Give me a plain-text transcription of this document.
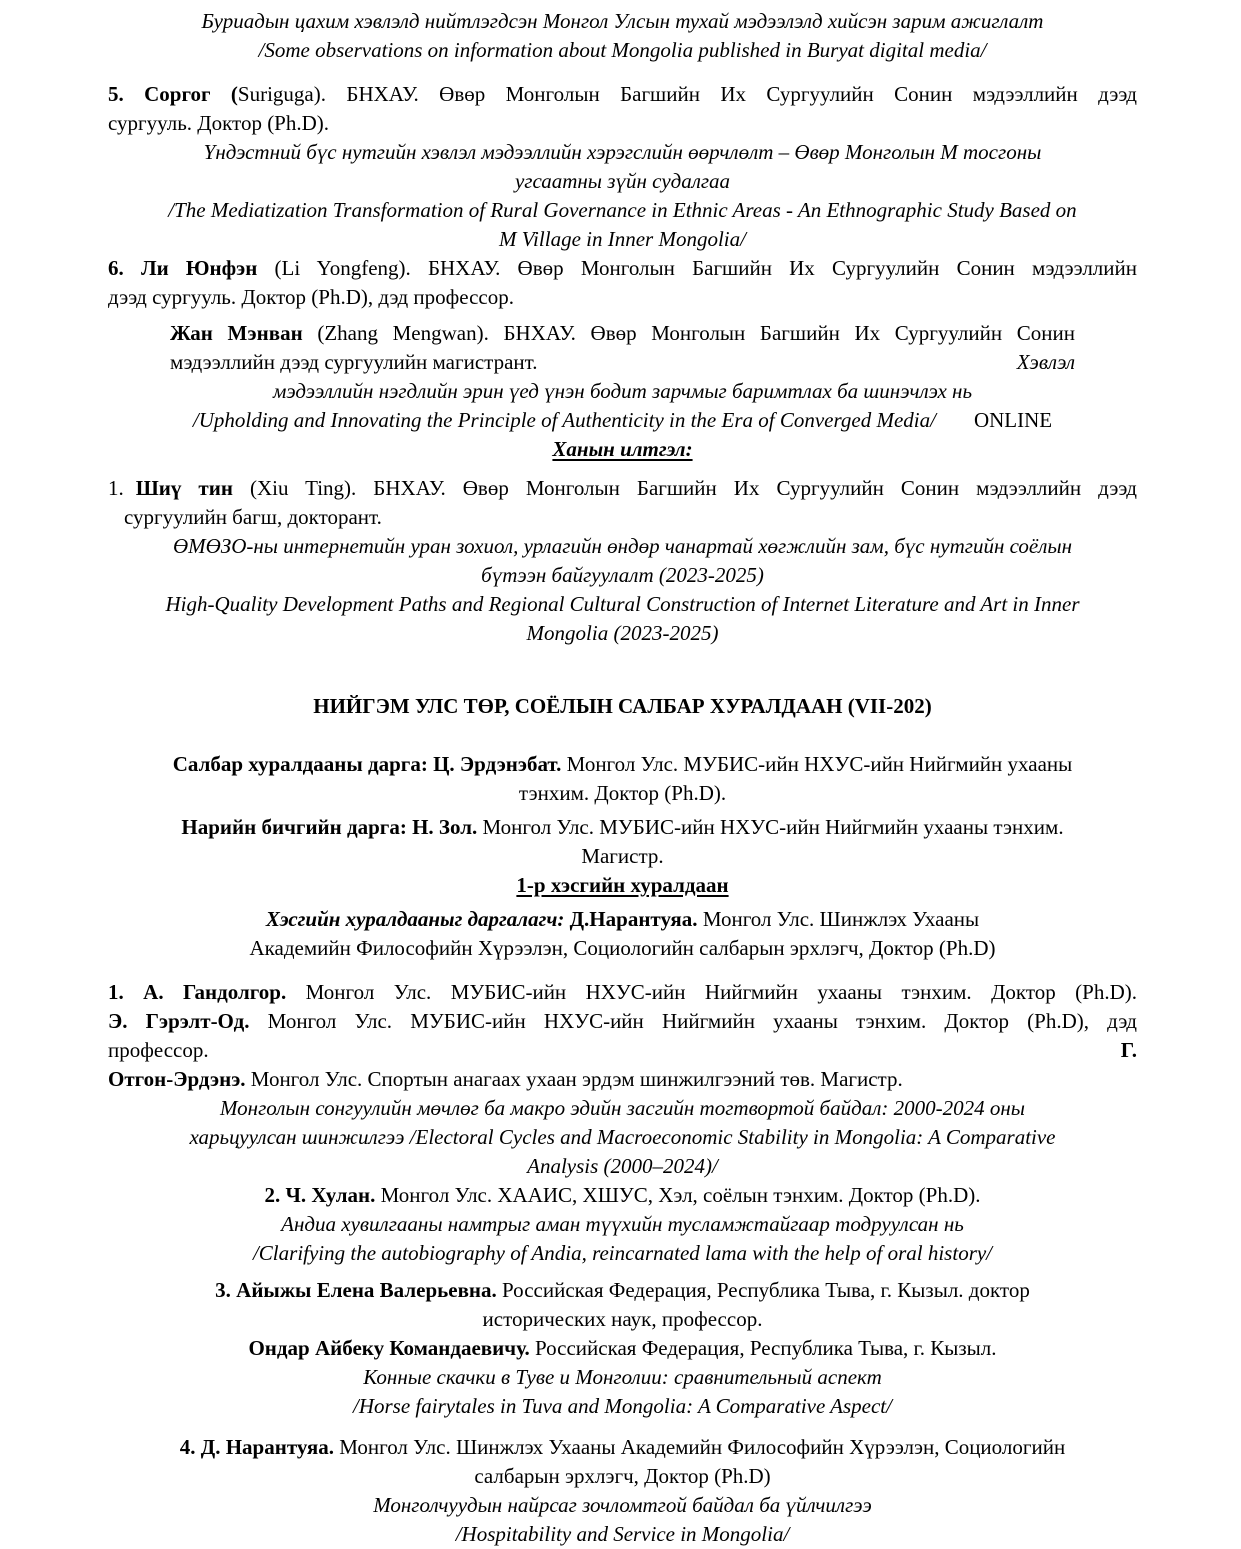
Буриадын цахим хэвлэлд нийтлэгдсэн Монгол Улсын тухай мэдээлэлд хийсэн зарим ажиглалт
/Some observations on information about Mongolia published in Buryat digital media/
5. Соргог (Suriguga). БНХАУ. Өвөр Монголын Багшийн Их Сургуулийн Сонин мэдээллийн дээд
сургууль. Доктор (Ph.D).
Үндэстний бүс нутгийн хэвлэл мэдээллийн хэрэгслийн өөрчлөлт – Өвөр Монголын М тосгоны
угсаатны зүйн судалгаа
/The Mediatization Transformation of Rural Governance in Ethnic Areas - An Ethnographic Study Based on
M Village in Inner Mongolia/
6. Ли Юнфэн (Li Yongfeng). БНХАУ. Өвөр Монголын Багшийн Их Сургуулийн Сонин мэдээллийн
дээд сургууль. Доктор (Ph.D), дэд профессор.
Жан Мэнван (Zhang Mengwan). БНХАУ. Өвөр Монголын Багшийн Их Сургуулийн Сонин
мэдээллийн дээд сургуулийн магистрант.	Хэвлэл
мэдээллийн нэгдлийн эрин үед үнэн бодит зарчмыг баримтлах ба шинэчлэх нь
/Upholding and Innovating the Principle of Authenticity in the Era of Converged Media/ ONLINE
Ханын илтгэл:
1. Шиү тин (Xiu Ting). БНХАУ. Өвөр Монголын Багшийн Их Сургуулийн Сонин мэдээллийн дээд
сургуулийн багш, докторант.
ӨМӨЗО-ны интернетийн уран зохиол, урлагийн өндөр чанартай хөгжлийн зам, бүс нутгийн соёлын
бүтээн байгуулалт (2023-2025)
High-Quality Development Paths and Regional Cultural Construction of Internet Literature and Art in Inner
Mongolia (2023-2025)
НИЙГЭМ УЛС ТӨР, СОЁЛЫН САЛБАР ХУРАЛДААН (VII-202)
Салбар хуралдааны дарга: Ц. Эрдэнэбат. Монгол Улс. МУБИС-ийн НХУС-ийн Нийгмийн ухааны
тэнхим. Доктор (Ph.D).
Нарийн бичгийн дарга: Н. Зол. Монгол Улс. МУБИС-ийн НХУС-ийн Нийгмийн ухааны тэнхим.
Магистр.
1-р хэсгийн хуралдаан
Хэсгийн хуралдааныг даргалагч: Д.Нарантуяа. Монгол Улс. Шинжлэх Ухааны
Академийн Философийн Хүрээлэн, Социологийн салбарын эрхлэгч, Доктор (Ph.D)
1. А. Гандолгор. Монгол Улс. МУБИС-ийн НХУС-ийн Нийгмийн ухааны тэнхим. Доктор (Ph.D).
Э. Гэрэлт-Од. Монгол Улс. МУБИС-ийн НХУС-ийн Нийгмийн ухааны тэнхим. Доктор (Ph.D), дэд
профессор.	Г.
Отгон-Эрдэнэ. Монгол Улс. Спортын анагаах ухаан эрдэм шинжилгээний төв. Магистр.
Монголын сонгуулийн мөчлөг ба макро эдийн засгийн тогтвортой байдал: 2000-2024 оны
харьцуулсан шинжилгээ /Electoral Cycles and Macroeconomic Stability in Mongolia: A Comparative
Analysis (2000–2024)/
2. Ч. Хулан. Монгол Улс. ХААИС, ХШУС, Хэл, соёлын тэнхим. Доктор (Ph.D).
Андиа хувилгааны намтрыг аман түүхийн тусламжтайгаар тодруулсан нь
/Clarifying the autobiography of Andia, reincarnated lama with the help of oral history/
3. Айыжы Елена Валерьевна. Российская Федерация, Республика Тыва, г. Кызыл. доктор
исторических наук, профессор.
Ондар Айбеку Командаевичу. Российская Федерация, Республика Тыва, г. Кызыл.
Конные скачки в Туве и Монголии: сравнительный аспект
/Horse fairytales in Tuva and Mongolia: A Comparative Aspect/
4. Д. Нарантуяа. Монгол Улс. Шинжлэх Ухааны Академийн Философийн Хүрээлэн, Социологийн
салбарын эрхлэгч, Доктор (Ph.D)
Монголчуудын найрсаг зочломтгой байдал ба үйлчилгээ
/Hospitability and Service in Mongolia/
